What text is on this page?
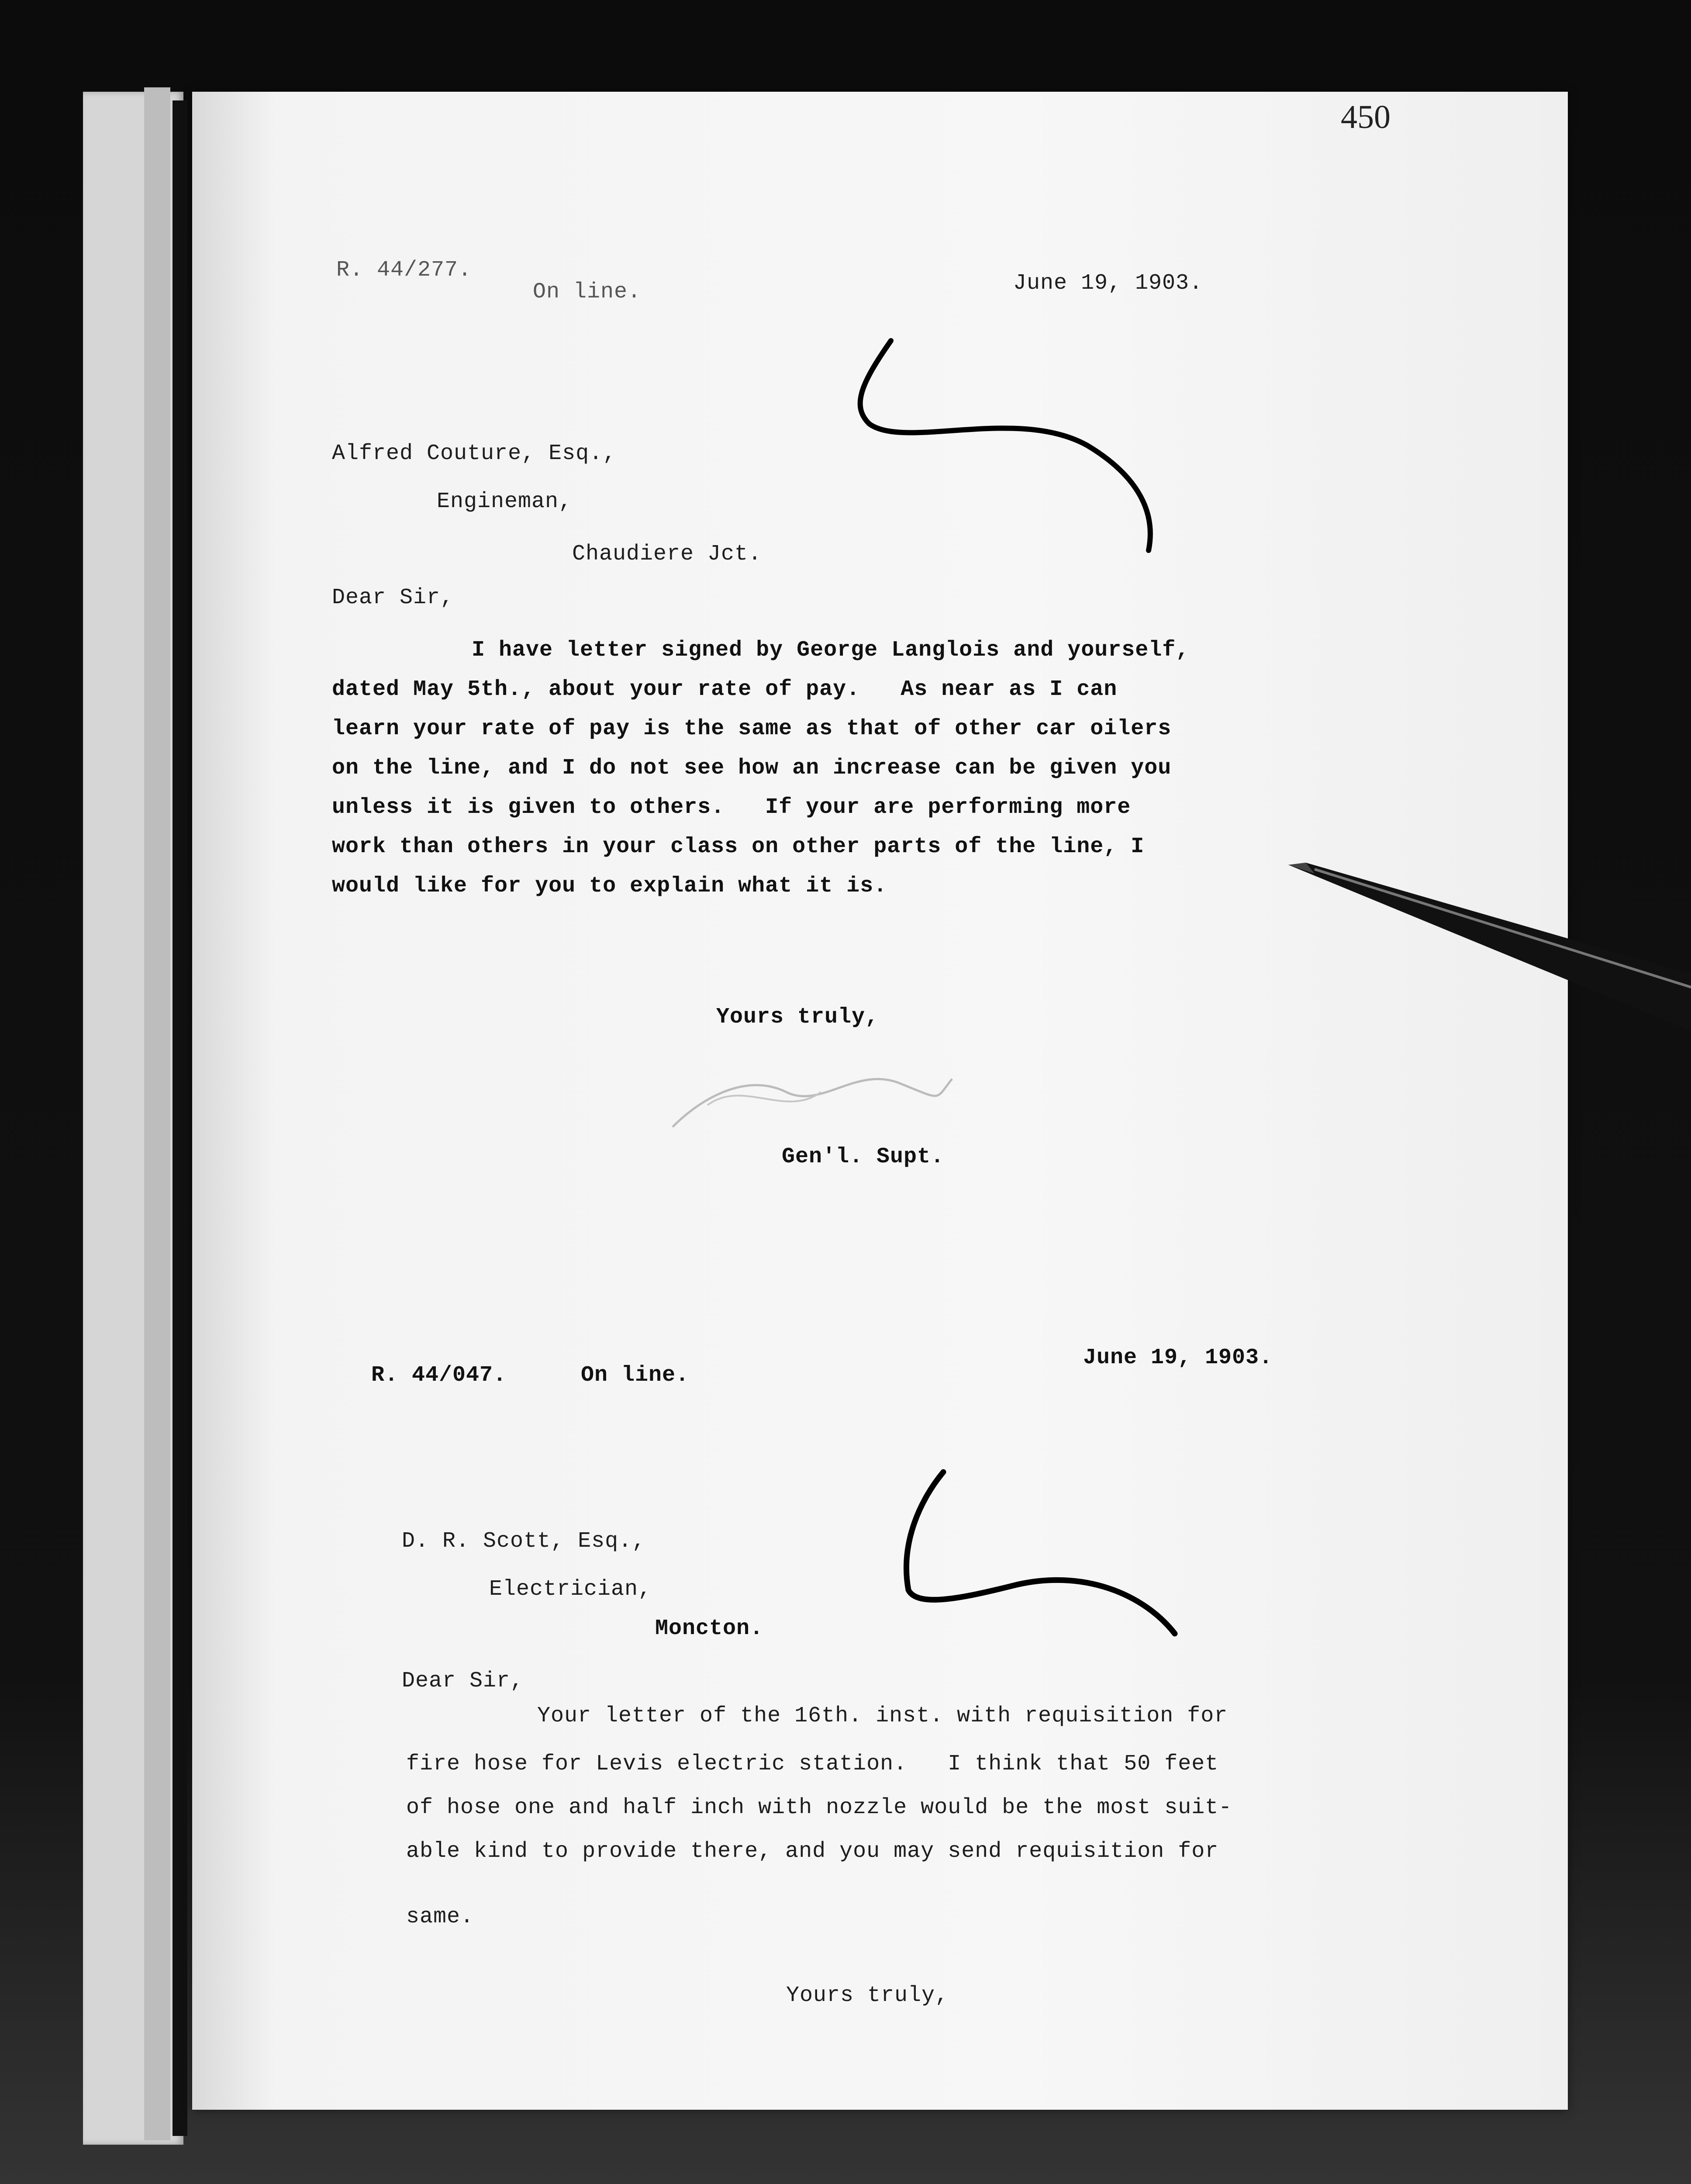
450
R. 44/277.
On line.	June 19, 1903.
Alfred Couture, Esq.,
Engineman,
Chaudiere Jct.
Dear Sir,
I have letter signed by George Langlois and yourself,
dated May 5th., about your rate of pay.   As near as I can
learn your rate of pay is the same as that of other car oilers
on the line, and I do not see how an increase can be given you
unless it is given to others.   If your are performing more
work than others in your class on other parts of the line, I
would like for you to explain what it is.
Yours truly,
Gen'l. Supt.
R. 44/047.	On line.
June 19, 1903.
D. R. Scott, Esq.,
Electrician,
Moncton.
Dear Sir,
Your letter of the 16th. inst. with requisition for
fire hose for Levis electric station.   I think that 50 feet
of hose one and half inch with nozzle would be the most suit-
able kind to provide there, and you may send requisition for
same.
Yours truly,
